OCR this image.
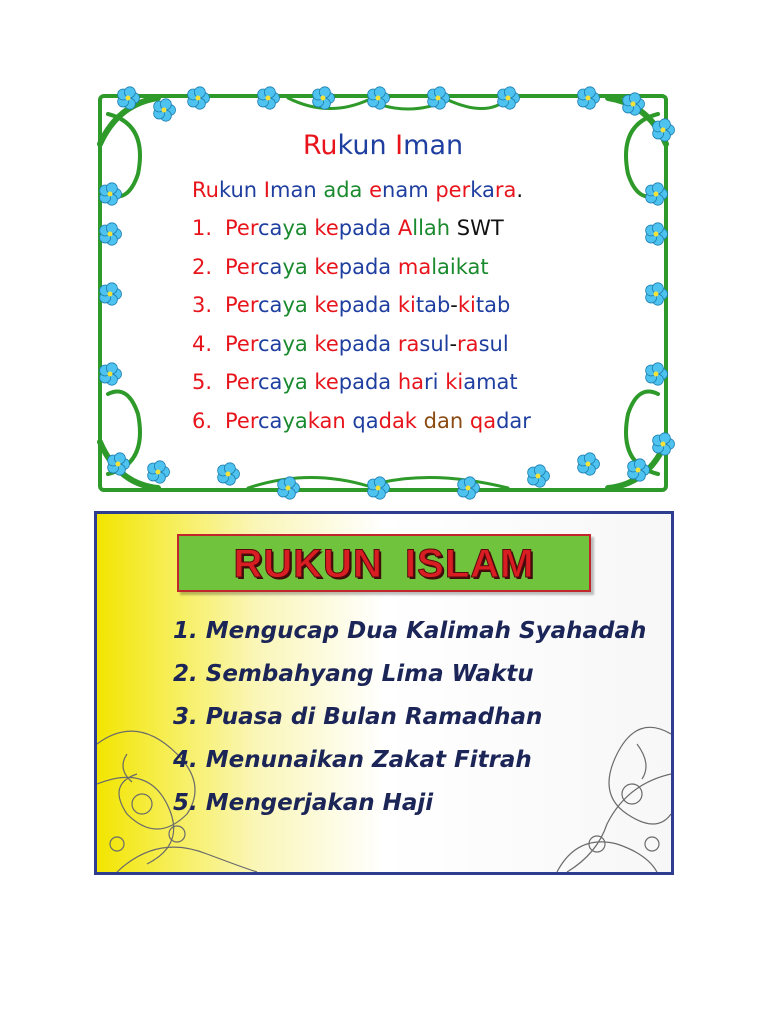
Rukun Iman
Rukun Iman ada enam perkara.
1. Percaya kepada Allah SWT
2. Percaya kepada malaikat
3. Percaya kepada kitab-kitab
4. Percaya kepada rasul-rasul
5. Percaya kepada hari kiamat
6. Percayakan qadak dan qadar
RUKUN ISLAM
1. Mengucap Dua Kalimah Syahadah
2. Sembahyang Lima Waktu
3. Puasa di Bulan Ramadhan
4. Menunaikan Zakat Fitrah
5. Mengerjakan Haji
